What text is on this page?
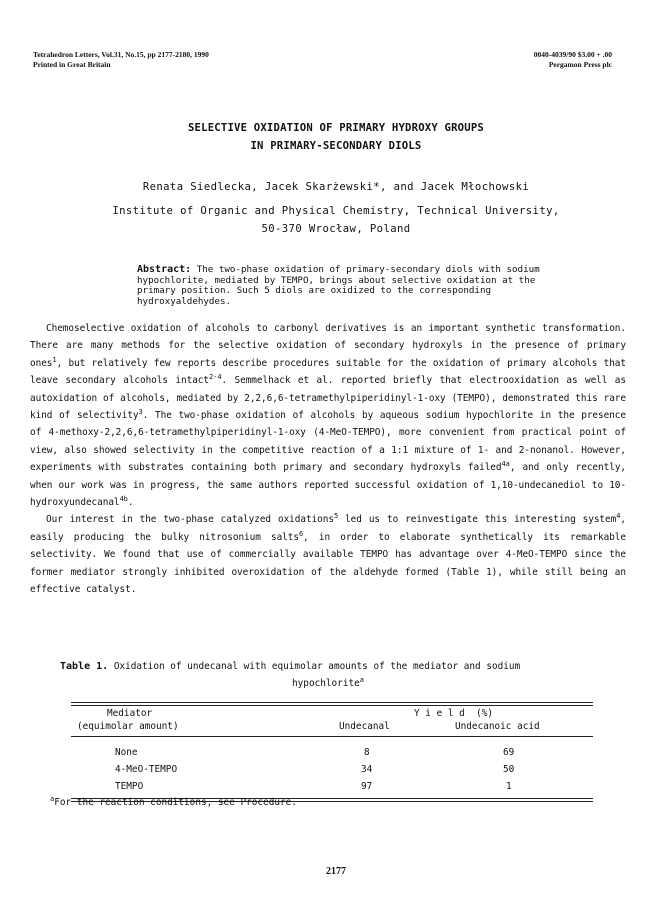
Tetrahedron Letters, Vol.31, No.15, pp 2177-2180, 1990
Printed in Great Britain
0040-4039/90 $3.00 + .00
Pergamon Press plc
SELECTIVE OXIDATION OF PRIMARY HYDROXY GROUPS
IN PRIMARY-SECONDARY DIOLS
Renata Siedlecka, Jacek Skarżewski*, and Jacek Młochowski
Institute of Organic and Physical Chemistry, Technical University,
50-370 Wrocław, Poland
Abstract: The two-phase oxidation of primary-secondary diols with sodium hypochlorite, mediated by TEMPO, brings about selective oxidation at the primary position. Such 5 diols are oxidized to the corresponding hydroxyaldehydes.

Chemoselective oxidation of alcohols to carbonyl derivatives is an important synthetic transformation. There are many methods for the selective oxidation of secondary hydroxyls in the presence of primary ones$^1$, but relatively few reports describe procedures suitable for the oxidation of primary alcohols that leave secondary alcohols intact$^{2-4}$. Semmelhack et al. reported briefly that electrooxidation as well as autoxidation of alcohols, mediated by 2,2,6,6-tetramethylpiperidinyl-1-oxy (TEMPO), demonstrated this rare kind of selectivity$^3$. The two-phase oxidation of alcohols by aqueous sodium hypochlorite in the presence of 4-methoxy-2,2,6,6-tetramethylpiperidinyl-1-oxy (4-MeO-TEMPO), more convenient from practical point of view, also showed selectivity in the competitive reaction of a 1:1 mixture of 1- and 2-nonanol. However, experiments with substrates containing both primary and secondary hydroxyls failed$^{4a}$, and only recently, when our work was in progress, the same authors reported successful oxidation of 1,10-undecanediol to 10-hydroxyundecanal$^{4b}$.

Our interest in the two-phase catalyzed oxidations$^5$ led us to reinvestigate this interesting system$^4$, easily producing the bulky nitrosonium salts$^6$, in order to elaborate synthetically its remarkable selectivity. We found that use of commercially available TEMPO has advantage over 4-MeO-TEMPO since the former mediator strongly inhibited overoxidation of the aldehyde formed (Table 1), while still being an effective catalyst.

Table 1. Oxidation of undecanal with equimolar amounts of the mediator and sodium
hypochlorite$^a$
Mediator
(equimolar amount)
Y i e l d  (%)
Undecanal	Undecanoic acid
None	8	69
4-MeO-TEMPO	34	50
TEMPO	97	1
$^a$For the reaction conditions, see Procedure.
2177
